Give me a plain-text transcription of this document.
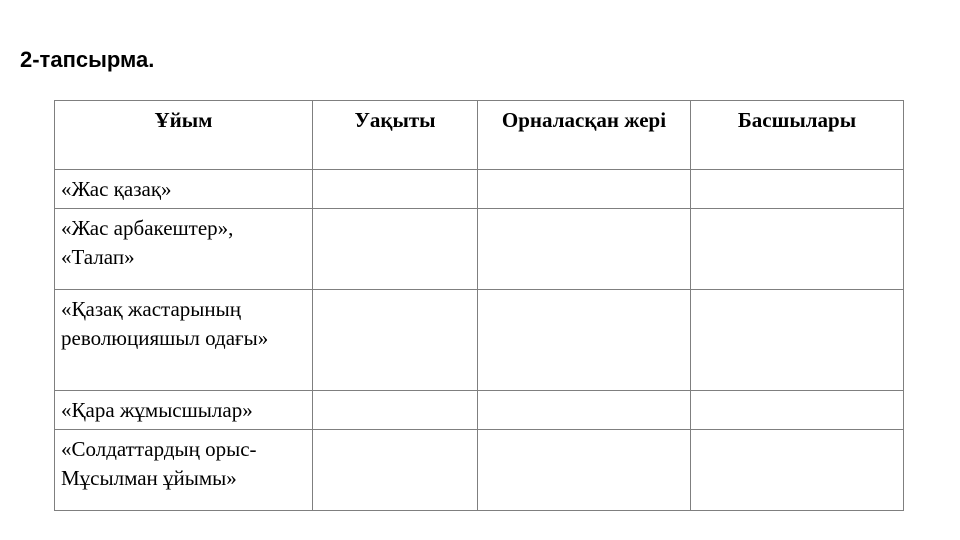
2-тапсырма.
Ұйым	Уақыты	Орналасқан жері	Басшылары
«Жас қазақ»			
«Жас арбакештер», «Талап»			
«Қазақ жастарының революцияшыл одағы»			
«Қара жұмысшылар»			
«Солдаттардың орыс-Мұсылман ұйымы»			
